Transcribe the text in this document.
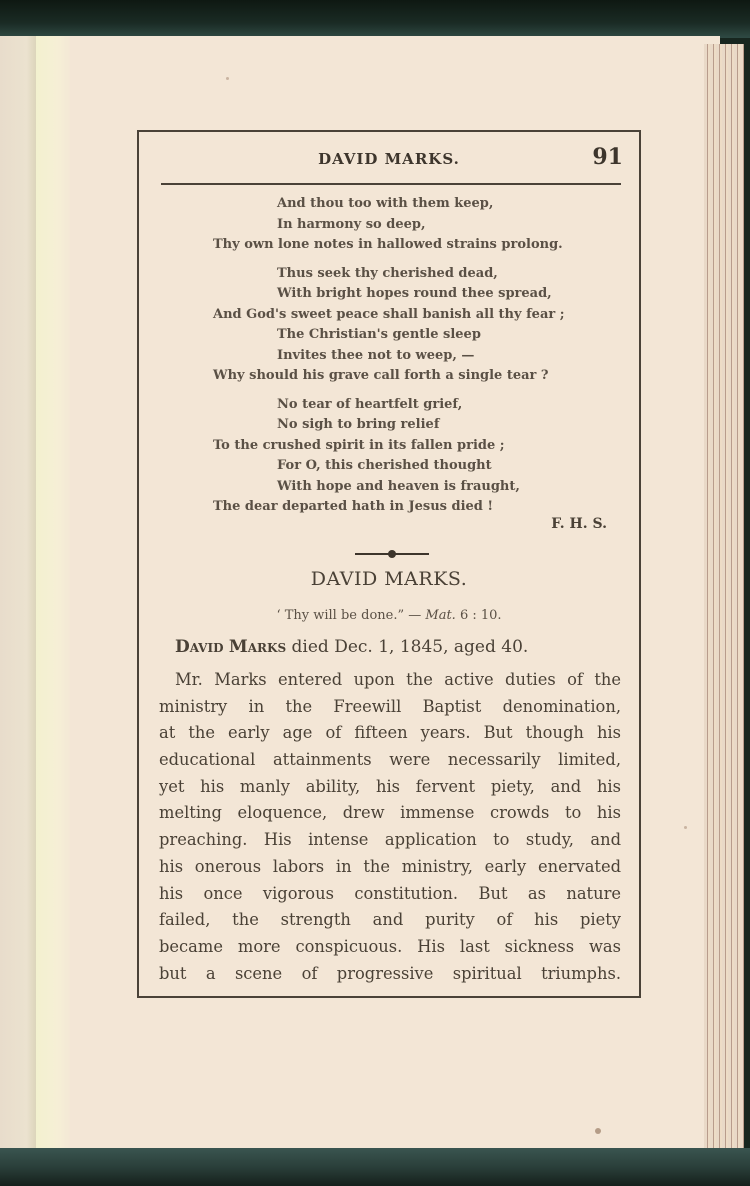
DAVID MARKS.	91
And thou too with them keep,
In harmony so deep,
Thy own lone notes in hallowed strains prolong.
Thus seek thy cherished dead,
With bright hopes round thee spread,
And God's sweet peace shall banish all thy fear ;
The Christian's gentle sleep
Invites thee not to weep, —
Why should his grave call forth a single tear ?
No tear of heartfelt grief,
No sigh to bring relief
To the crushed spirit in its fallen pride ;
For O, this cherished thought
With hope and heaven is fraught,
The dear departed hath in Jesus died !
F. H. S.
DAVID MARKS.
‘ Thy will be done.” — Mat. 6 : 10.
David Marks died Dec. 1, 1845, aged 40.
Mr. Marks entered upon the active duties of the
ministry in the Freewill Baptist denomination,
at the early age of fifteen years. But though his
educational attainments were necessarily limited,
yet his manly ability, his fervent piety, and his
melting eloquence, drew immense crowds to his
preaching. His intense application to study, and
his onerous labors in the ministry, early enervated
his once vigorous constitution. But as nature
failed, the strength and purity of his piety
became more conspicuous. His last sickness was
but a scene of progressive spiritual triumphs.
